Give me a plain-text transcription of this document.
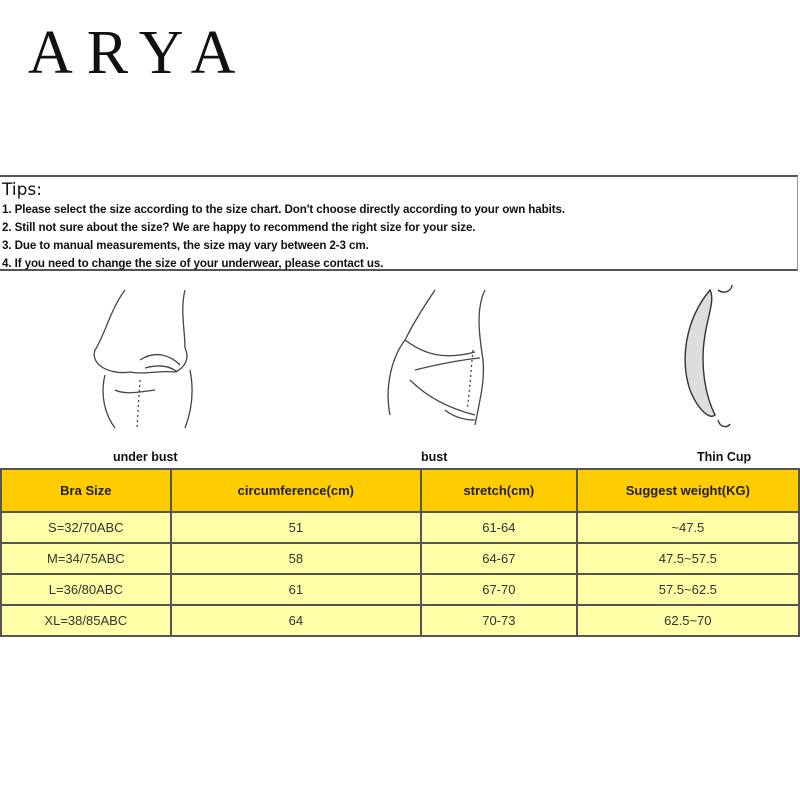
ARYA
Tips:

1. Please select the size according to the size chart. Don't choose directly according to your own habits.

2. Still not sure about the size? We are happy to recommend the right size for your size.

3. Due to manual measurements, the size may vary between 2-3 cm.

4. If you need to change the size of your underwear, please contact us.

under bust	bust	Thin Cup
Bra Size	circumference(cm)	stretch(cm)	Suggest weight(KG)
S=32/70ABC	51	61-64	~47.5
M=34/75ABC	58	64-67	47.5~57.5
L=36/80ABC	61	67-70	57.5~62.5
XL=38/85ABC	64	70-73	62.5~70
